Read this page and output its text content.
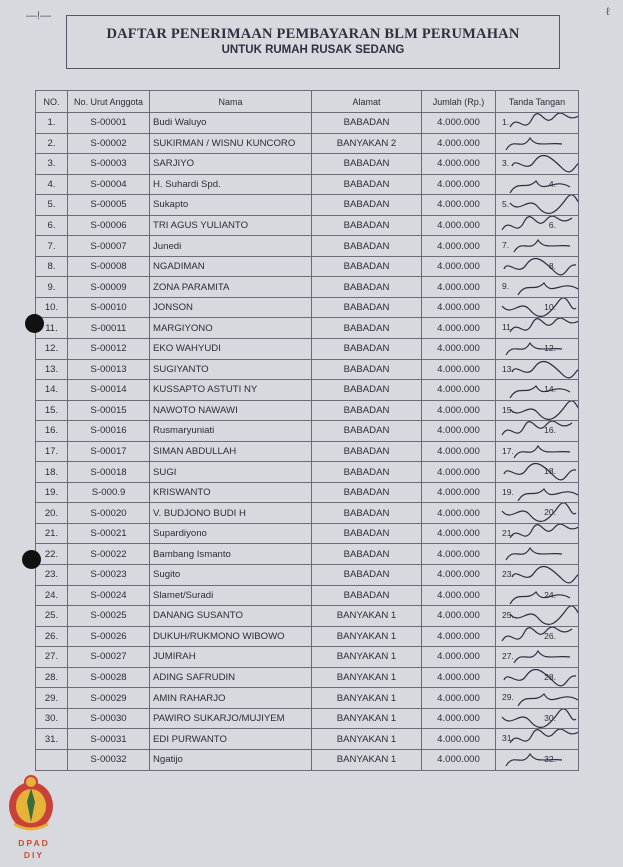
—!—	ℓ
DAFTAR PENERIMAAN PEMBAYARAN BLM PERUMAHAN
UNTUK RUMAH RUSAK SEDANG
NO.	No. Urut Anggota	Nama	Alamat	Jumlah (Rp.)	Tanda Tangan
1.	S-00001	Budi Waluyo	BABADAN	4.000.000	1.

2.	S-00002	SUKIRMAN / WISNU KUNCORO	BANYAKAN 2	4.000.000	

3.	S-00003	SARJIYO	BABADAN	4.000.000	3.

4.	S-00004	H. Suhardi Spd.	BABADAN	4.000.000	4.

5.	S-00005	Sukapto	BABADAN	4.000.000	5.

6.	S-00006	TRI AGUS YULIANTO	BABADAN	4.000.000	6.

7.	S-00007	Junedi	BABADAN	4.000.000	7.

8.	S-00008	NGADIMAN	BABADAN	4.000.000	8.

9.	S-00009	ZONA PARAMITA	BABADAN	4.000.000	9.

10.	S-00010	JONSON	BABADAN	4.000.000	10.

11.	S-00011	MARGIYONO	BABADAN	4.000.000	11.

12.	S-00012	EKO WAHYUDI	BABADAN	4.000.000	12.

13.	S-00013	SUGIYANTO	BABADAN	4.000.000	13.

14.	S-00014	KUSSAPTO ASTUTI NY	BABADAN	4.000.000	14.

15.	S-00015	NAWOTO NAWAWI	BABADAN	4.000.000	15.

16.	S-00016	Rusmaryuniati	BABADAN	4.000.000	16.

17.	S-00017	SIMAN ABDULLAH	BABADAN	4.000.000	17.

18.	S-00018	SUGI	BABADAN	4.000.000	18.

19.	S-000.9	KRISWANTO	BABADAN	4.000.000	19.

20.	S-00020	V. BUDJONO BUDI H	BABADAN	4.000.000	20.

21.	S-00021	Supardiyono	BABADAN	4.000.000	21.

22.	S-00022	Bambang Ismanto	BABADAN	4.000.000	

23.	S-00023	Sugito	BABADAN	4.000.000	23.

24.	S-00024	Slamet/Suradi	BABADAN	4.000.000	24.

25.	S-00025	DANANG SUSANTO	BANYAKAN 1	4.000.000	25.

26.	S-00026	DUKUH/RUKMONO WIBOWO	BANYAKAN 1	4.000.000	26.

27.	S-00027	JUMIRAH	BANYAKAN 1	4.000.000	27.

28.	S-00028	ADING SAFRUDIN	BANYAKAN 1	4.000.000	28.

29.	S-00029	AMIN RAHARJO	BANYAKAN 1	4.000.000	29.

30.	S-00030	PAWIRO SUKARJO/MUJIYEM	BANYAKAN 1	4.000.000	30.

31.	S-00031	EDI PURWANTO	BANYAKAN 1	4.000.000	31.

	S-00032	Ngatijo	BANYAKAN 1	4.000.000	32.
DPAD
DIY
